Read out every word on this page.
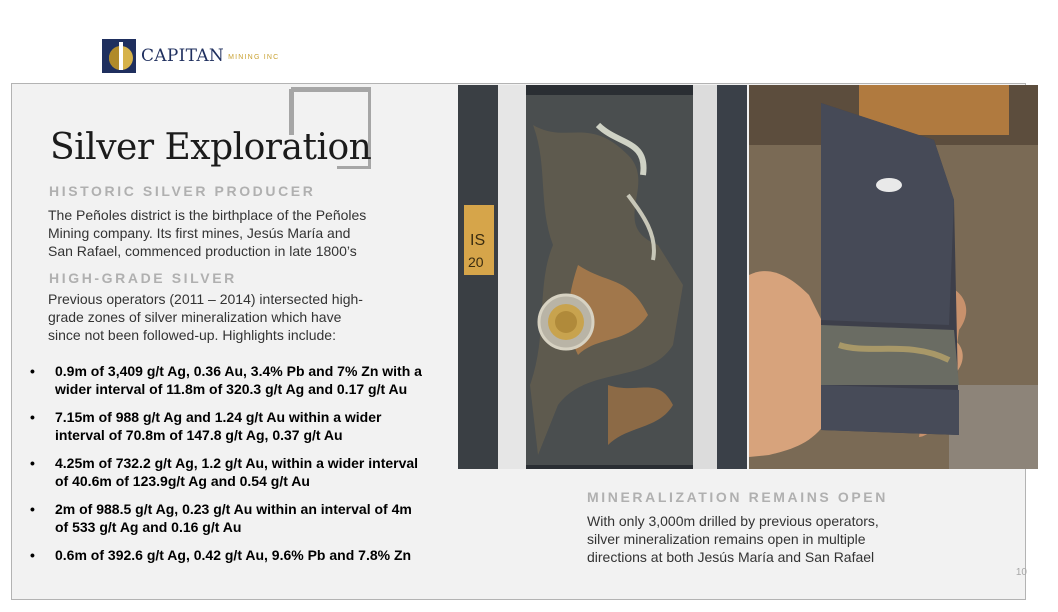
CAPITAN MINING INC
Silver Exploration
HISTORIC SILVER PRODUCER
The Peñoles district is the birthplace of the Peñoles
Mining company. Its first mines, Jesús María and
San Rafael, commenced production in late 1800’s
HIGH-GRADE SILVER
Previous operators (2011 – 2014) intersected high-
grade zones of silver mineralization which have
since not been followed-up. Highlights include:
• 0.9m of 3,409 g/t Ag, 0.36 Au, 3.4% Pb and 7% Zn with a
wider interval of 11.8m of 320.3 g/t Ag and 0.17 g/t Au
• 7.15m of 988 g/t Ag and 1.24 g/t Au within a wider
interval of 70.8m of 147.8 g/t Ag, 0.37 g/t Au
• 4.25m of 732.2 g/t Ag, 1.2 g/t Au, within a wider interval
of 40.6m of 123.9g/t Ag and 0.54 g/t Au
• 2m of 988.5 g/t Ag, 0.23 g/t Au within an interval of 4m
of 533 g/t Ag and 0.16 g/t Au
• 0.6m of 392.6 g/t Ag, 0.42 g/t Au, 9.6% Pb and 7.8% Zn
IS
20
MINERALIZATION REMAINS OPEN
With only 3,000m drilled by previous operators,
silver mineralization remains open in multiple
directions at both Jesús María and San Rafael
10
